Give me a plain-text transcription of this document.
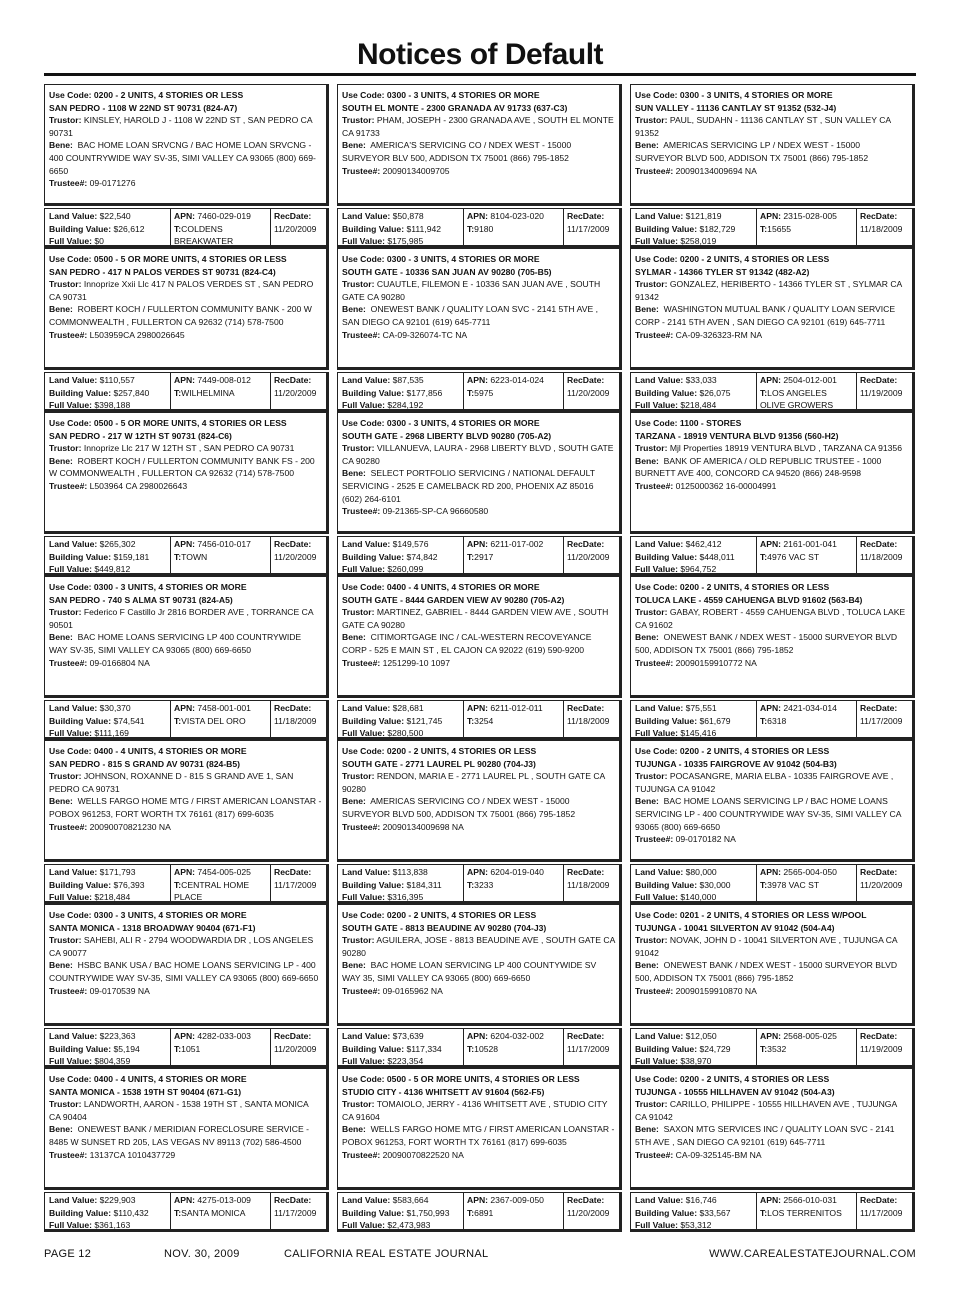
Notices of Default
Use Code: 0200 - 2 UNITS, 4 STORIES OR LESS
SAN PEDRO - 1108 W 22ND ST 90731 (824-A7)
Trustor: KINSLEY, HAROLD J - 1108 W 22ND ST , SAN PEDRO CA 90731
Bene: BAC HOME LOAN SRVCNG / BAC HOME LOAN SRVCNG - 400 COUNTRYWIDE WAY SV-35, SIMI VALLEY CA 93065 (800) 669-6650
Trustee#: 09-0171276
Land Value: $22,540
Building Value: $26,612
Full Value: $0
APN: 7460-029-019
T:COLDENS BREAKWATER
RecDate:
11/20/2009
Use Code: 0300 - 3 UNITS, 4 STORIES OR MORE
SOUTH EL MONTE - 2300 GRANADA AV 91733 (637-C3)
Trustor: PHAM, JOSEPH - 2300 GRANADA AVE , SOUTH EL MONTE CA 91733
Bene: AMERICA'S SERVICING CO / NDEX WEST - 15000 SURVEYOR BLV 500, ADDISON TX 75001 (866) 795-1852
Trustee#: 20090134009705
Land Value: $50,878
Building Value: $111,942
Full Value: $175,985
APN: 8104-023-020
T:9180
RecDate:
11/17/2009
Use Code: 0300 - 3 UNITS, 4 STORIES OR MORE
SUN VALLEY - 11136 CANTLAY ST 91352 (532-J4)
Trustor: PAUL, SUDAHN - 11136 CANTLAY ST , SUN VALLEY CA 91352
Bene: AMERICAS SERVICING LP / NDEX WEST - 15000 SURVEYOR BLVD 500, ADDISON TX 75001 (866) 795-1852
Trustee#: 20090134009694 NA
Land Value: $121,819
Building Value: $182,729
Full Value: $258,019
APN: 2315-028-005
T:15655
RecDate:
11/18/2009
Use Code: 0500 - 5 OR MORE UNITS, 4 STORIES OR LESS
SAN PEDRO - 417 N PALOS VERDES ST 90731 (824-C4)
Trustor: Innoprize Xxii Llc 417 N PALOS VERDES ST , SAN PEDRO CA 90731
Bene: ROBERT KOCH / FULLERTON COMMUNITY BANK - 200 W COMMONWEALTH , FULLERTON CA 92632 (714) 578-7500
Trustee#: L503959CA 2980026645
Land Value: $110,557
Building Value: $257,840
Full Value: $398,188
APN: 7449-008-012
T:WILHELMINA
RecDate:
11/20/2009
Use Code: 0300 - 3 UNITS, 4 STORIES OR MORE
SOUTH GATE - 10336 SAN JUAN AV 90280 (705-B5)
Trustor: CUAUTLE, FILEMON E - 10336 SAN JUAN AVE , SOUTH GATE CA 90280
Bene: ONEWEST BANK / QUALITY LOAN SVC - 2141 5TH AVE , SAN DIEGO CA 92101 (619) 645-7711
Trustee#: CA-09-326074-TC NA
Land Value: $87,535
Building Value: $177,856
Full Value: $284,192
APN: 6223-014-024
T:5975
RecDate:
11/20/2009
Use Code: 0200 - 2 UNITS, 4 STORIES OR LESS
SYLMAR - 14366 TYLER ST 91342 (482-A2)
Trustor: GONZALEZ, HERIBERTO - 14366 TYLER ST , SYLMAR CA 91342
Bene: WASHINGTON MUTUAL BANK / QUALITY LOAN SERVICE CORP - 2141 5TH AVEN , SAN DIEGO CA 92101 (619) 645-7711
Trustee#: CA-09-326323-RM NA
Land Value: $33,033
Building Value: $26,075
Full Value: $218,484
APN: 2504-012-001
T:LOS ANGELES OLIVE GROWERS
RecDate:
11/19/2009
Use Code: 0500 - 5 OR MORE UNITS, 4 STORIES OR LESS
SAN PEDRO - 217 W 12TH ST 90731 (824-C6)
Trustor: Innoprize Llc 217 W 12TH ST , SAN PEDRO CA 90731
Bene: ROBERT KOCH / FULLERTON COMMUNITY BANK FS - 200 W COMMONWEALTH , FULLERTON CA 92632 (714) 578-7500
Trustee#: L503964 CA 2980026643
Land Value: $265,302
Building Value: $159,181
Full Value: $449,812
APN: 7456-010-017
T:TOWN
RecDate:
11/20/2009
Use Code: 0300 - 3 UNITS, 4 STORIES OR MORE
SOUTH GATE - 2968 LIBERTY BLVD 90280 (705-A2)
Trustor: VILLANUEVA, LAURA - 2968 LIBERTY BLVD , SOUTH GATE CA 90280
Bene: SELECT PORTFOLIO SERVICING / NATIONAL DEFAULT SERVICING - 2525 E CAMELBACK RD 200, PHOENIX AZ 85016 (602) 264-6101
Trustee#: 09-21365-SP-CA 96660580
Land Value: $149,576
Building Value: $74,842
Full Value: $260,099
APN: 6211-017-002
T:2917
RecDate:
11/20/2009
Use Code: 1100 - STORES
TARZANA - 18919 VENTURA BLVD 91356 (560-H2)
Trustor: Mjl Properties 18919 VENTURA BLVD , TARZANA CA 91356
Bene: BANK OF AMERICA / OLD REPUBLIC TRUSTEE - 1000 BURNETT AVE 400, CONCORD CA 94520 (866) 248-9598
Trustee#: 0125000362 16-00004991
Land Value: $462,412
Building Value: $448,011
Full Value: $964,752
APN: 2161-001-041
T:4976 VAC ST
RecDate:
11/18/2009
Use Code: 0300 - 3 UNITS, 4 STORIES OR MORE
SAN PEDRO - 740 S ALMA ST 90731 (824-A5)
Trustor: Federico F Castillo Jr 2816 BORDER AVE , TORRANCE CA 90501
Bene: BAC HOME LOANS SERVICING LP 400 COUNTRYWIDE WAY SV-35, SIMI VALLEY CA 93065 (800) 669-6650
Trustee#: 09-0166804 NA
Land Value: $30,370
Building Value: $74,541
Full Value: $111,169
APN: 7458-001-001
T:VISTA DEL ORO
RecDate:
11/18/2009
Use Code: 0400 - 4 UNITS, 4 STORIES OR MORE
SOUTH GATE - 8444 GARDEN VIEW AV 90280 (705-A2)
Trustor: MARTINEZ, GABRIEL - 8444 GARDEN VIEW AVE , SOUTH GATE CA 90280
Bene: CITIMORTGAGE INC / CAL-WESTERN RECOVEYANCE CORP - 525 E MAIN ST , EL CAJON CA 92022 (619) 590-9200
Trustee#: 1251299-10 1097
Land Value: $28,681
Building Value: $121,745
Full Value: $280,500
APN: 6211-012-011
T:3254
RecDate:
11/18/2009
Use Code: 0200 - 2 UNITS, 4 STORIES OR LESS
TOLUCA LAKE - 4559 CAHUENGA BLVD 91602 (563-B4)
Trustor: GABAY, ROBERT - 4559 CAHUENGA BLVD , TOLUCA LAKE CA 91602
Bene: ONEWEST BANK / NDEX WEST - 15000 SURVEYOR BLVD 500, ADDISON TX 75001 (866) 795-1852
Trustee#: 20090159910772 NA
Land Value: $75,551
Building Value: $61,679
Full Value: $145,416
APN: 2421-034-014
T:6318
RecDate:
11/17/2009
Use Code: 0400 - 4 UNITS, 4 STORIES OR MORE
SAN PEDRO - 815 S GRAND AV 90731 (824-B5)
Trustor: JOHNSON, ROXANNE D - 815 S GRAND AVE 1, SAN PEDRO CA 90731
Bene: WELLS FARGO HOME MTG / FIRST AMERICAN LOANSTAR - POBOX 961253, FORT WORTH TX 76161 (817) 699-6035
Trustee#: 20090070821230 NA
Land Value: $171,793
Building Value: $76,393
Full Value: $218,484
APN: 7454-005-025
T:CENTRAL HOME PLACE
RecDate:
11/17/2009
Use Code: 0200 - 2 UNITS, 4 STORIES OR LESS
SOUTH GATE - 2771 LAUREL PL 90280 (704-J3)
Trustor: RENDON, MARIA E - 2771 LAUREL PL , SOUTH GATE CA 90280
Bene: AMERICAS SERVICING CO / NDEX WEST - 15000 SURVEYOR BLVD 500, ADDISON TX 75001 (866) 795-1852
Trustee#: 20090134009698 NA
Land Value: $113,838
Building Value: $184,311
Full Value: $316,395
APN: 6204-019-040
T:3233
RecDate:
11/18/2009
Use Code: 0200 - 2 UNITS, 4 STORIES OR LESS
TUJUNGA - 10335 FAIRGROVE AV 91042 (504-B3)
Trustor: POCASANGRE, MARIA ELBA - 10335 FAIRGROVE AVE , TUJUNGA CA 91042
Bene: BAC HOME LOANS SERVICING LP / BAC HOME LOANS SERVICING LP - 400 COUNTRYWIDE WAY SV-35, SIMI VALLEY CA 93065 (800) 669-6650
Trustee#: 09-0170182 NA
Land Value: $80,000
Building Value: $30,000
Full Value: $140,000
APN: 2565-004-050
T:3978 VAC ST
RecDate:
11/20/2009
Use Code: 0300 - 3 UNITS, 4 STORIES OR MORE
SANTA MONICA - 1318 BROADWAY 90404 (671-F1)
Trustor: SAHEBI, ALI R - 2794 WOODWARDIA DR , LOS ANGELES CA 90077
Bene: HSBC BANK USA / BAC HOME LOANS SERVICING LP - 400 COUNTRYWIDE WAY SV-35, SIMI VALLEY CA 93065 (800) 669-6650
Trustee#: 09-0170539 NA
Land Value: $223,363
Building Value: $5,194
Full Value: $804,359
APN: 4282-033-003
T:1051
RecDate:
11/20/2009
Use Code: 0200 - 2 UNITS, 4 STORIES OR LESS
SOUTH GATE - 8813 BEAUDINE AV 90280 (704-J3)
Trustor: AGUILERA, JOSE - 8813 BEAUDINE AVE , SOUTH GATE CA 90280
Bene: BAC HOME LOAN SERVICING LP 400 COUNTYWIDE SV WAY 35, SIMI VALLEY CA 93065 (800) 669-6650
Trustee#: 09-0165962 NA
Land Value: $73,639
Building Value: $117,334
Full Value: $223,354
APN: 6204-032-002
T:10528
RecDate:
11/17/2009
Use Code: 0201 - 2 UNITS, 4 STORIES OR LESS W/POOL
TUJUNGA - 10041 SILVERTON AV 91042 (504-A4)
Trustor: NOVAK, JOHN D - 10041 SILVERTON AVE , TUJUNGA CA 91042
Bene: ONEWEST BANK / NDEX WEST - 15000 SURVEYOR BLVD 500, ADDISON TX 75001 (866) 795-1852
Trustee#: 20090159910870 NA
Land Value: $12,050
Building Value: $24,729
Full Value: $38,970
APN: 2568-005-025
T:3532
RecDate:
11/19/2009
Use Code: 0400 - 4 UNITS, 4 STORIES OR MORE
SANTA MONICA - 1538 19TH ST 90404 (671-G1)
Trustor: LANDWORTH, AARON - 1538 19TH ST , SANTA MONICA CA 90404
Bene: ONEWEST BANK / MERIDIAN FORECLOSURE SERVICE - 8485 W SUNSET RD 205, LAS VEGAS NV 89113 (702) 586-4500
Trustee#: 13137CA 1010437729
Land Value: $229,903
Building Value: $110,432
Full Value: $361,163
APN: 4275-013-009
T:SANTA MONICA
RecDate:
11/17/2009
Use Code: 0500 - 5 OR MORE UNITS, 4 STORIES OR LESS
STUDIO CITY - 4136 WHITSETT AV 91604 (562-F5)
Trustor: TOMAIOLO, JERRY - 4136 WHITSETT AVE , STUDIO CITY CA 91604
Bene: WELLS FARGO HOME MTG / FIRST AMERICAN LOANSTAR - POBOX 961253, FORT WORTH TX 76161 (817) 699-6035
Trustee#: 20090070822520 NA
Land Value: $583,664
Building Value: $1,750,993
Full Value: $2,473,983
APN: 2367-009-050
T:6891
RecDate:
11/20/2009
Use Code: 0200 - 2 UNITS, 4 STORIES OR LESS
TUJUNGA - 10555 HILLHAVEN AV 91042 (504-A3)
Trustor: CARILLO, PHILIPPE - 10555 HILLHAVEN AVE , TUJUNGA CA 91042
Bene: SAXON MTG SERVICES INC / QUALITY LOAN SVC - 2141 5TH AVE , SAN DIEGO CA 92101 (619) 645-7711
Trustee#: CA-09-325145-BM NA
Land Value: $16,746
Building Value: $33,567
Full Value: $53,312
APN: 2566-010-031
T:LOS TERRENITOS
RecDate:
11/17/2009
PAGE 12	NOV. 30, 2009	CALIFORNIA REAL ESTATE JOURNAL	WWW.CAREALESTATEJOURNAL.COM
